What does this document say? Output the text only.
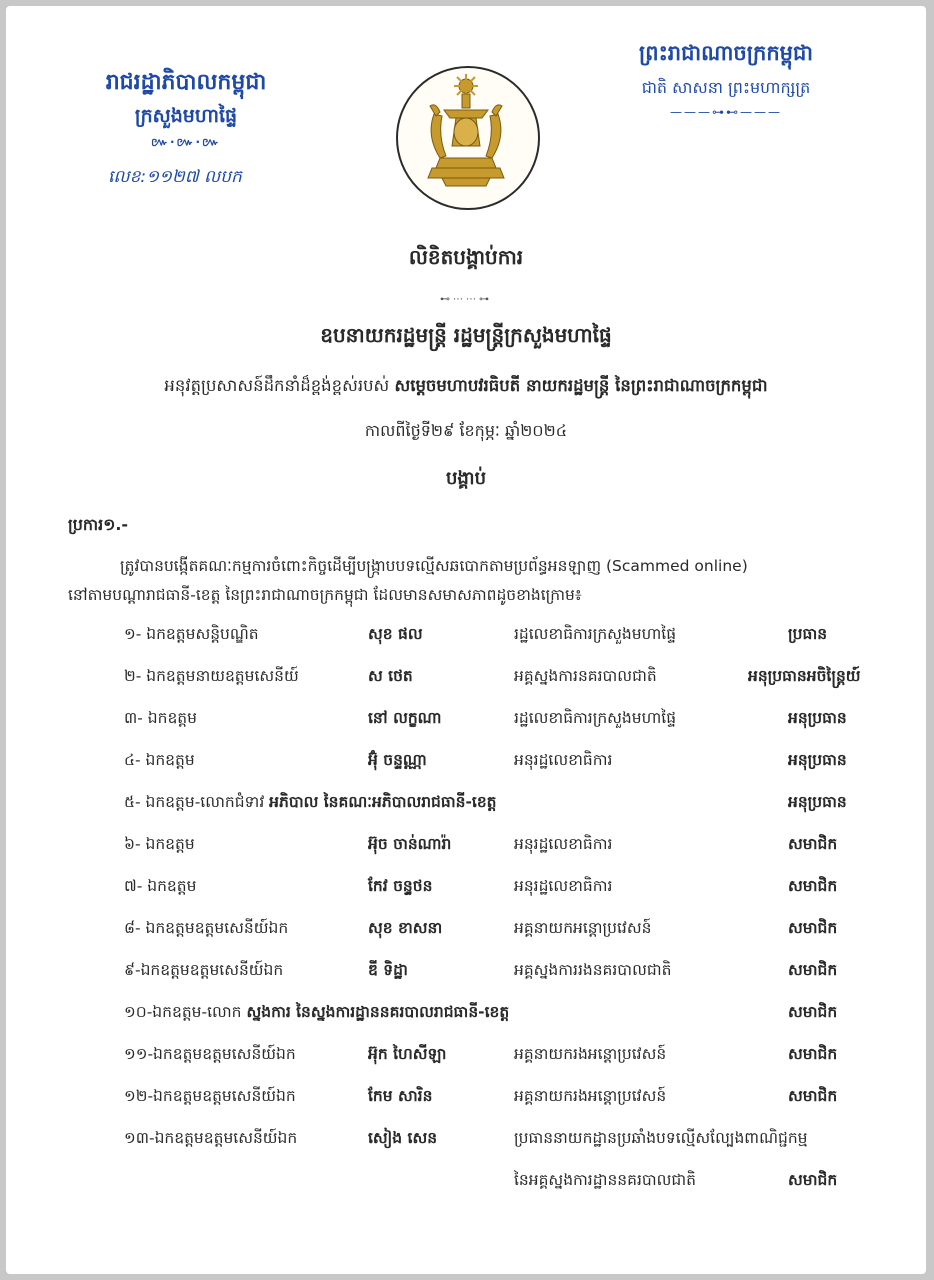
រាជរដ្ឋាភិបាលកម្ពុជា
ក្រសួងមហាផ្ទៃ
៚·៚·៚
លេខ:១១២៧ លបក
ព្រះរាជាណាចក្រកម្ពុជា
ជាតិ សាសនា ព្រះមហាក្សត្រ
———⊶⊷———
លិខិតបង្គាប់ការ
⊷⋯⋯⊶
ឧបនាយករដ្ឋមន្ត្រី រដ្ឋមន្ត្រីក្រសួងមហាផ្ទៃ
អនុវត្តប្រសាសន៍ដឹកនាំដ៏ខ្ពង់ខ្ពស់របស់ សម្តេចមហាបវរធិបតី នាយករដ្ឋមន្ត្រី នៃព្រះរាជាណាចក្រកម្ពុជា
កាលពីថ្ងៃទី២៩ ខែកុម្ភៈ ឆ្នាំ២០២៤
បង្គាប់
ប្រការ១.-
ត្រូវបានបង្កើតគណៈកម្មការចំពោះកិច្ចដើម្បីបង្ក្រាបបទល្មើសឆបោកតាមប្រព័ន្ធអនឡាញ (Scammed online)
នៅតាមបណ្តារាជធានី-ខេត្ត នៃព្រះរាជាណាចក្រកម្ពុជា ដែលមានសមាសភាពដូចខាងក្រោម៖
១- ឯកឧត្តមសន្តិបណ្ឌិត	សុខ ផល	រដ្ឋលេខាធិការក្រសួងមហាផ្ទៃ	ប្រធាន
២- ឯកឧត្តមនាយឧត្តមសេនីយ៍	ស ថេត	អគ្គស្នងការនគរបាលជាតិ	អនុប្រធានអចិន្ត្រៃយ៍
៣- ឯកឧត្តម	នៅ លក្ខណា	រដ្ឋលេខាធិការក្រសួងមហាផ្ទៃ	អនុប្រធាន
៤- ឯកឧត្តម	អ៊ុំ ចន្ទណ្ណា	អនុរដ្ឋលេខាធិការ	អនុប្រធាន
៥- ឯកឧត្តម-លោកជំទាវ អភិបាល នៃគណៈអភិបាលរាជធានី-ខេត្ត	អនុប្រធាន
៦- ឯកឧត្តម	អ៊ុច ចាន់ណារ៉ា	អនុរដ្ឋលេខាធិការ	សមាជិក
៧- ឯកឧត្តម	កែវ ចន្ទ្ធថន	អនុរដ្ឋលេខាធិការ	សមាជិក
៨- ឯកឧត្តមឧត្តមសេនីយ៍ឯក	សុខ ខាសនា	អគ្គនាយកអន្តោប្រវេសន៍	សមាជិក
៩-ឯកឧត្តមឧត្តមសេនីយ៍ឯក	ឌី ទិដ្ឋា	អគ្គស្នងការរងនគរបាលជាតិ	សមាជិក
១០-ឯកឧត្តម-លោក ស្នងការ នៃស្នងការដ្ឋាននគរបាលរាជធានី-ខេត្ត	សមាជិក
១១-ឯកឧត្តមឧត្តមសេនីយ៍ឯក	អ៊ុក ហៃសីឡា	អគ្គនាយករងអន្តោប្រវេសន៍	សមាជិក
១២-ឯកឧត្តមឧត្តមសេនីយ៍ឯក	កែម សារិន	អគ្គនាយករងអន្តោប្រវេសន៍	សមាជិក
១៣-ឯកឧត្តមឧត្តមសេនីយ៍ឯក	សៀង សេន	ប្រធាននាយកដ្ឋានប្រឆាំងបទល្មើសល្បែងពាណិជ្ជកម្ម
នៃអគ្គស្នងការដ្ឋាននគរបាលជាតិ	សមាជិក
